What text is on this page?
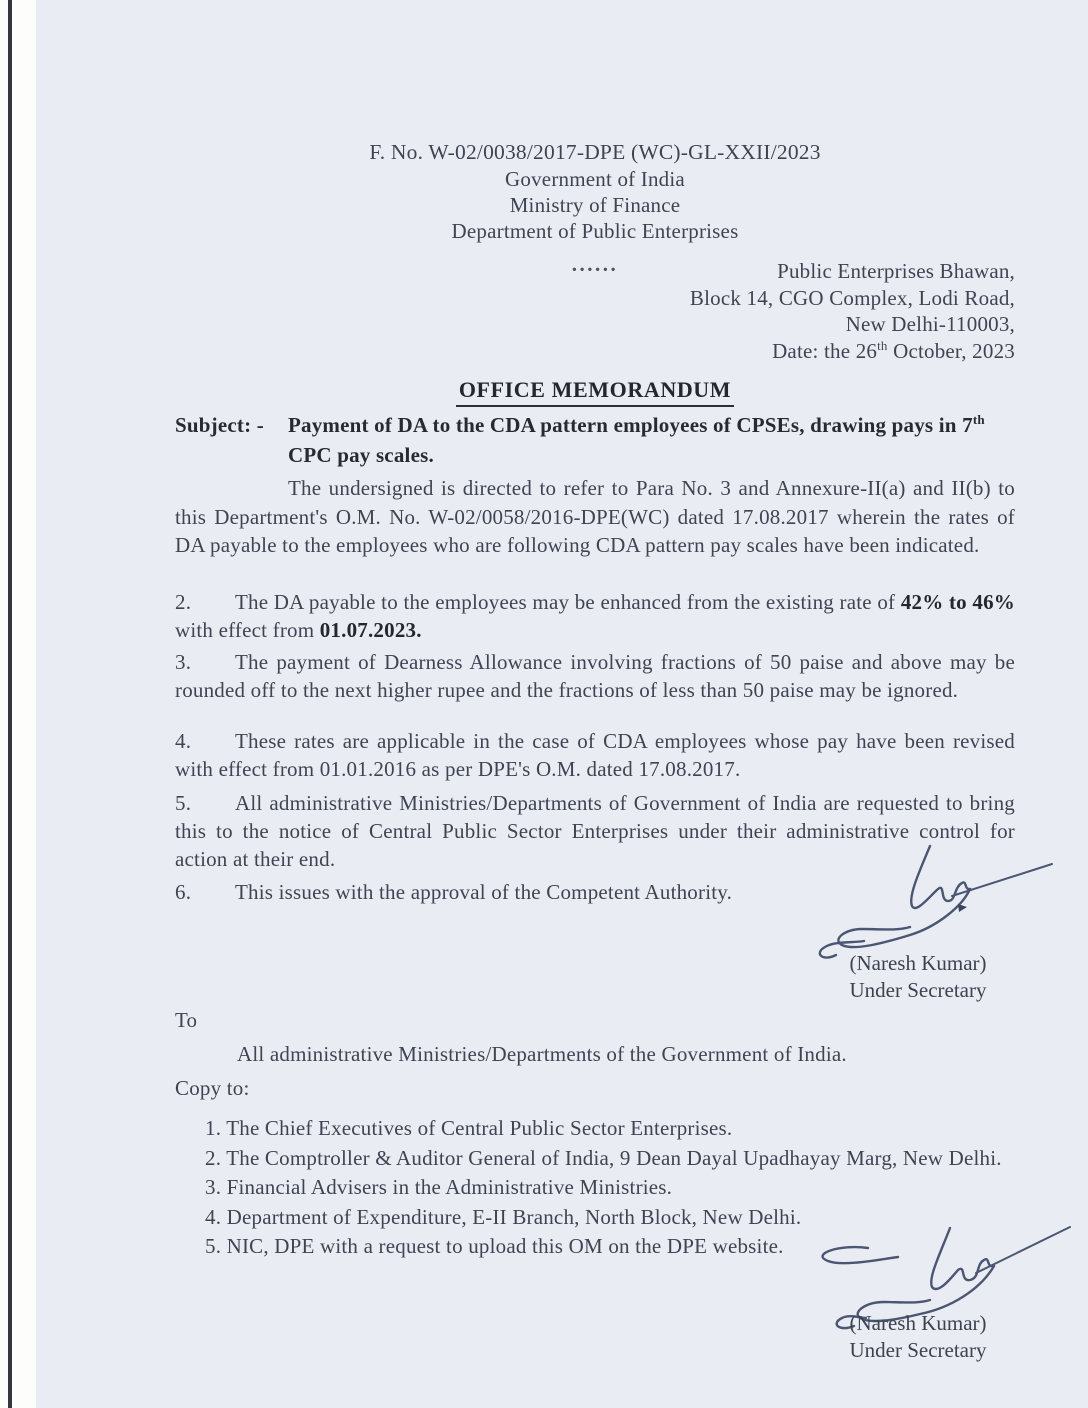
F. No. W-02/0038/2017-DPE (WC)-GL-XXII/2023
Government of India
Ministry of Finance
Department of Public Enterprises
......	Public Enterprises Bhawan,
Block 14, CGO Complex, Lodi Road,
New Delhi-110003,
Date: the 26th October, 2023
OFFICE MEMORANDUM
Subject: - Payment of DA to the CDA pattern employees of CPSEs, drawing pays in 7th CPC pay scales.
The undersigned is directed to refer to Para No. 3 and Annexure-II(a) and II(b) to this Department's O.M. No. W-02/0058/2016-DPE(WC) dated 17.08.2017 wherein the rates of DA payable to the employees who are following CDA pattern pay scales have been indicated.
2. The DA payable to the employees may be enhanced from the existing rate of 42% to 46% with effect from 01.07.2023.
3. The payment of Dearness Allowance involving fractions of 50 paise and above may be rounded off to the next higher rupee and the fractions of less than 50 paise may be ignored.
4. These rates are applicable in the case of CDA employees whose pay have been revised with effect from 01.01.2016 as per DPE's O.M. dated 17.08.2017.
5. All administrative Ministries/Departments of Government of India are requested to bring this to the notice of Central Public Sector Enterprises under their administrative control for action at their end.
6. This issues with the approval of the Competent Authority.
(Naresh Kumar)
Under Secretary
To
All administrative Ministries/Departments of the Government of India.
Copy to:
1. The Chief Executives of Central Public Sector Enterprises.
2. The Comptroller & Auditor General of India, 9 Dean Dayal Upadhayay Marg, New Delhi.
3. Financial Advisers in the Administrative Ministries.
4. Department of Expenditure, E-II Branch, North Block, New Delhi.
5. NIC, DPE with a request to upload this OM on the DPE website.
(Naresh Kumar)
Under Secretary
